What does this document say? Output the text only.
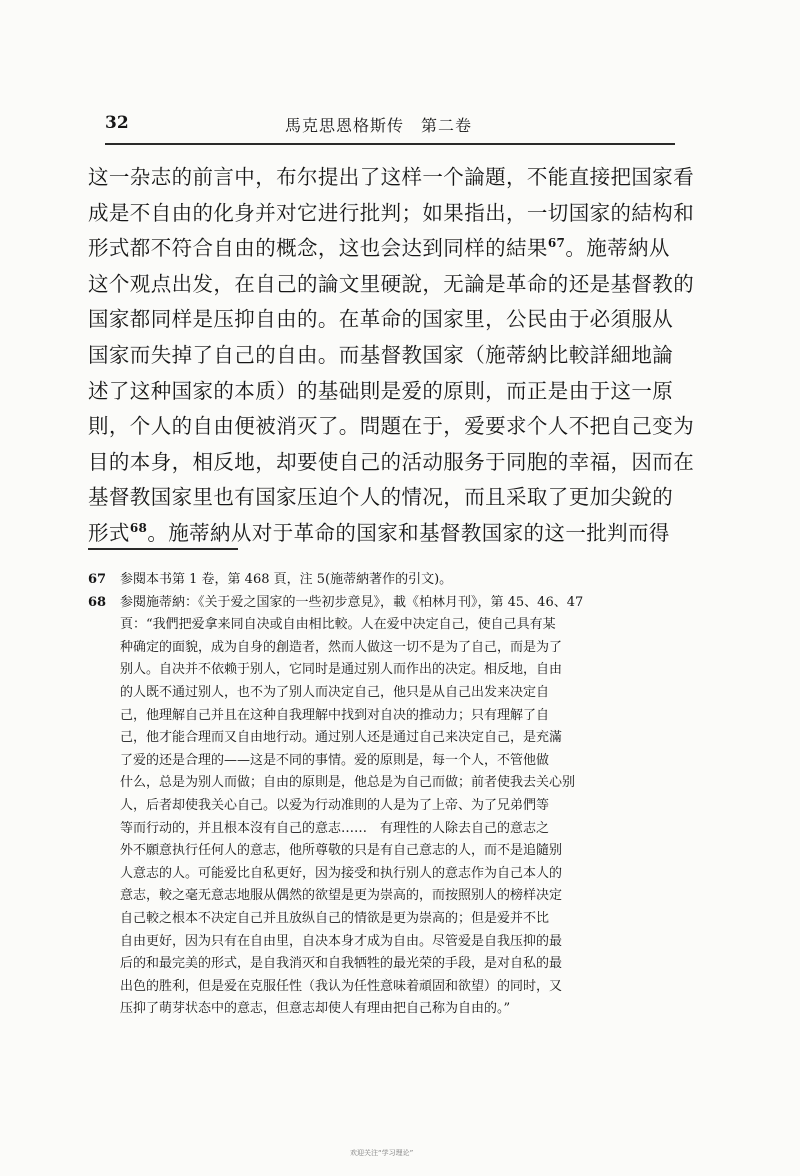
32	馬克思恩格斯传　第二卷

这一杂志的前言中，布尔提出了这样一个論題，不能直接把国家看

成是不自由的化身并对它进行批判；如果指出，一切国家的結构和

形式都不符合自由的概念，这也会达到同样的結果$^{67}$。施蒂納从

这个观点出发，在自己的論文里硬說，无論是革命的还是基督教的

国家都同样是压抑自由的。在革命的国家里，公民由于必須服从

国家而失掉了自己的自由。而基督教国家（施蒂納比較詳細地論

述了这种国家的本质）的基础則是爱的原則，而正是由于这一原

則，个人的自由便被消灭了。問題在于，爱要求个人不把自己变为

目的本身，相反地，却要使自己的活动服务于同胞的幸福，因而在

基督教国家里也有国家压迫个人的情况，而且采取了更加尖銳的

形式$^{68}$。施蒂納从对于革命的国家和基督教国家的这一批判而得

67 参閱本书第 1 卷，第 468 頁，注 5(施蒂納著作的引文)。
68 参閱施蒂納：《关于爱之国家的一些初步意見》，載《柏林月刊》，第 45、46、47
頁：“我們把爱拿来同自决或自由相比較。人在爱中决定自己，使自己具有某
种确定的面貌，成为自身的創造者，然而人做这一切不是为了自己，而是为了
别人。自决并不依赖于别人，它同时是通过别人而作出的决定。相反地，自由
的人既不通过别人，也不为了别人而决定自己，他只是从自己出发来决定自
己，他理解自己并且在这种自我理解中找到对自决的推动力；只有理解了自
己，他才能合理而又自由地行动。通过别人还是通过自己来决定自己，是充滿
了爱的还是合理的——这是不同的事情。爱的原則是，每一个人，不管他做
什么，总是为别人而做；自由的原則是，他总是为自己而做；前者使我去关心别
人，后者却使我关心自己。以爱为行动准則的人是为了上帝、为了兄弟們等
等而行动的，并且根本沒有自己的意志……　有理性的人除去自己的意志之
外不願意执行任何人的意志，他所尊敬的只是有自己意志的人，而不是追隨别
人意志的人。可能爱比自私更好，因为接受和执行别人的意志作为自己本人的
意志，較之毫无意志地服从偶然的欲望是更为崇高的，而按照别人的榜样决定
自己較之根本不决定自己并且放纵自己的情欲是更为崇高的；但是爱并不比
自由更好，因为只有在自由里，自决本身才成为自由。尽管爱是自我压抑的最
后的和最完美的形式，是自我消灭和自我牺牲的最光荣的手段，是对自私的最
出色的胜利，但是爱在克服任性（我认为任性意味着頑固和欲望）的同时，又
压抑了萌芽状态中的意志，但意志却使人有理由把自己称为自由的。”
欢迎关注“学习理论”
